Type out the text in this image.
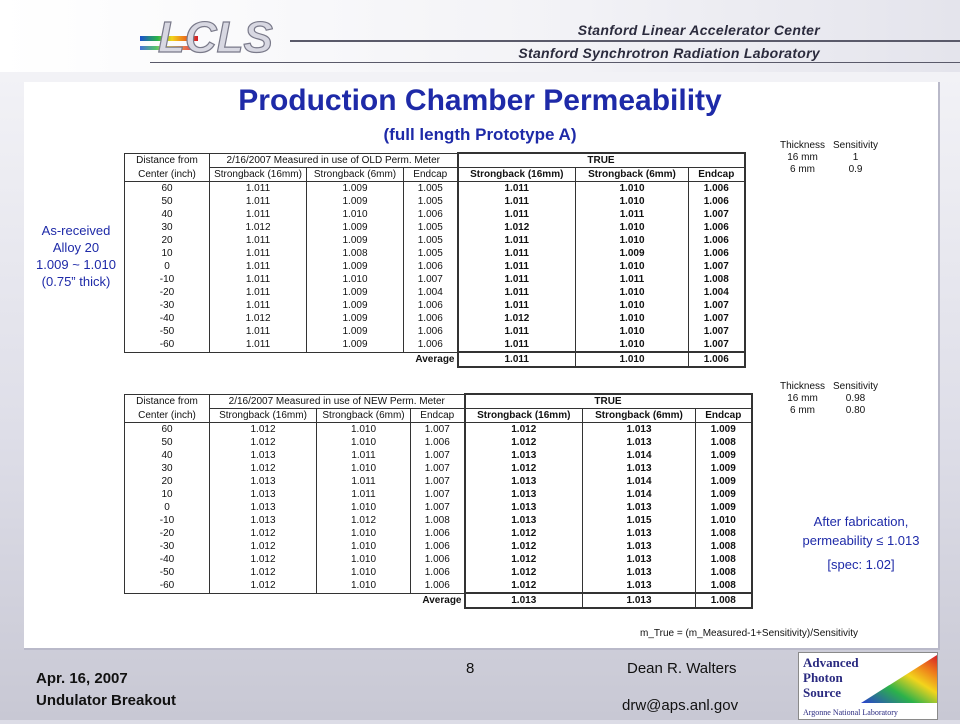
LCLS	Stanford Linear Accelerator Center
Stanford Synchrotron Radiation Laboratory
Production Chamber Permeability
(full length Prototype A)
As-received
Alloy 20
1.009 ~ 1.010
(0.75” thick)
After fabrication,
permeability ≤ 1.013
[spec: 1.02]
Distance from	2/16/2007 Measured in use of OLD Perm. Meter			TRUE		
Center (inch)	Strongback (16mm)	Strongback (6mm)	Endcap	Strongback (16mm)	Strongback (6mm)	Endcap
60	1.011	1.009	1.005	1.011	1.010	1.006
50	1.011	1.009	1.005	1.011	1.010	1.006
40	1.011	1.010	1.006	1.011	1.011	1.007
30	1.012	1.009	1.005	1.012	1.010	1.006
20	1.011	1.009	1.005	1.011	1.010	1.006
10	1.011	1.008	1.005	1.011	1.009	1.006
0	1.011	1.009	1.006	1.011	1.010	1.007
-10	1.011	1.010	1.007	1.011	1.011	1.008
-20	1.011	1.009	1.004	1.011	1.010	1.004
-30	1.011	1.009	1.006	1.011	1.010	1.007
-40	1.012	1.009	1.006	1.012	1.010	1.007
-50	1.011	1.009	1.006	1.011	1.010	1.007
-60	1.011	1.009	1.006	1.011	1.010	1.007
			Average	1.011	1.010	1.006
Thickness	Sensitivity
16 mm	1
6 mm	0.9
Distance from	2/16/2007 Measured in use of NEW Perm. Meter			TRUE		
Center (inch)	Strongback (16mm)	Strongback (6mm)	Endcap	Strongback (16mm)	Strongback (6mm)	Endcap
60	1.012	1.010	1.007	1.012	1.013	1.009
50	1.012	1.010	1.006	1.012	1.013	1.008
40	1.013	1.011	1.007	1.013	1.014	1.009
30	1.012	1.010	1.007	1.012	1.013	1.009
20	1.013	1.011	1.007	1.013	1.014	1.009
10	1.013	1.011	1.007	1.013	1.014	1.009
0	1.013	1.010	1.007	1.013	1.013	1.009
-10	1.013	1.012	1.008	1.013	1.015	1.010
-20	1.012	1.010	1.006	1.012	1.013	1.008
-30	1.012	1.010	1.006	1.012	1.013	1.008
-40	1.012	1.010	1.006	1.012	1.013	1.008
-50	1.012	1.010	1.006	1.012	1.013	1.008
-60	1.012	1.010	1.006	1.012	1.013	1.008
			Average	1.013	1.013	1.008
Thickness	Sensitivity
16 mm	0.98
6 mm	0.80
m_True = (m_Measured-1+Sensitivity)/Sensitivity
Apr. 16, 2007
Undulator Breakout
8	Dean R. Walters
drw@aps.anl.gov
Advanced
Photon
Source
Argonne National Laboratory
